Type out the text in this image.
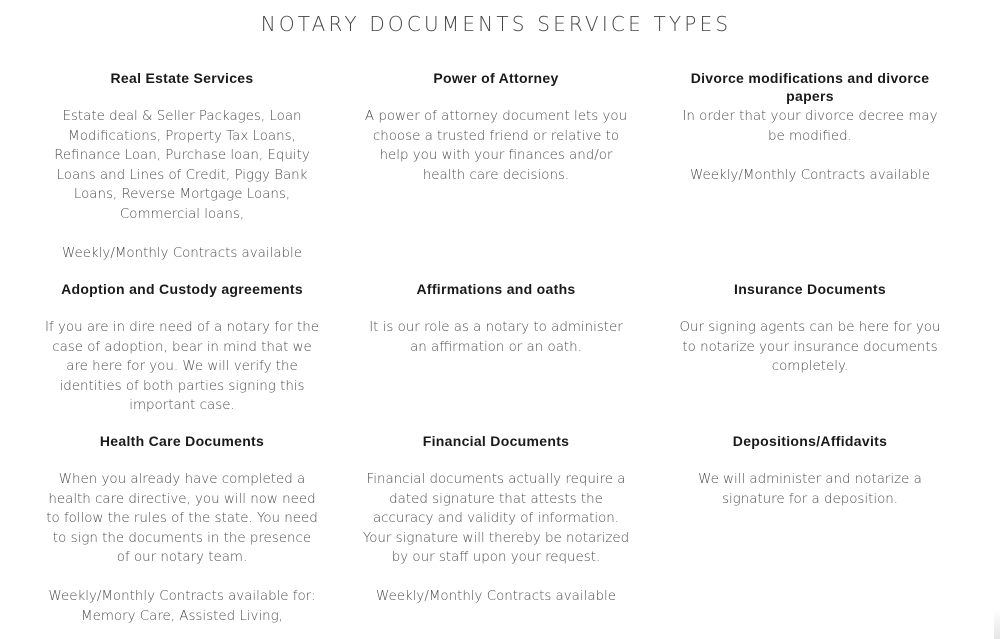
NOTARY DOCUMENTS SERVICE TYPES
Real Estate Services

Estate deal & Seller Packages, Loan Modifications, Property Tax Loans, Refinance Loan, Purchase loan, Equity Loans and Lines of Credit, Piggy Bank Loans, Reverse Mortgage Loans, Commercial loans,

Weekly/Monthly Contracts available

Power of Attorney

A power of attorney document lets you choose a trusted friend or relative to help you with your finances and/or health care decisions.

Divorce modifications and divorce papers

In order that your divorce decree may be modified.

Weekly/Monthly Contracts available

Adoption and Custody agreements

If you are in dire need of a notary for the case of adoption, bear in mind that we are here for you. We will verify the identities of both parties signing this important case.

Affirmations and oaths

It is our role as a notary to administer an affirmation or an oath.

Insurance Documents

Our signing agents can be here for you to notarize your insurance documents completely.

Health Care Documents

When you already have completed a health care directive, you will now need to follow the rules of the state. You need to sign the documents in the presence of our notary team.

Weekly/Monthly Contracts available for:

Memory Care, Assisted Living,

Financial Documents

Financial documents actually require a dated signature that attests the accuracy and validity of information. Your signature will thereby be notarized by our staff upon your request.

Weekly/Monthly Contracts available

Depositions/Affidavits

We will administer and notarize a signature for a deposition.
